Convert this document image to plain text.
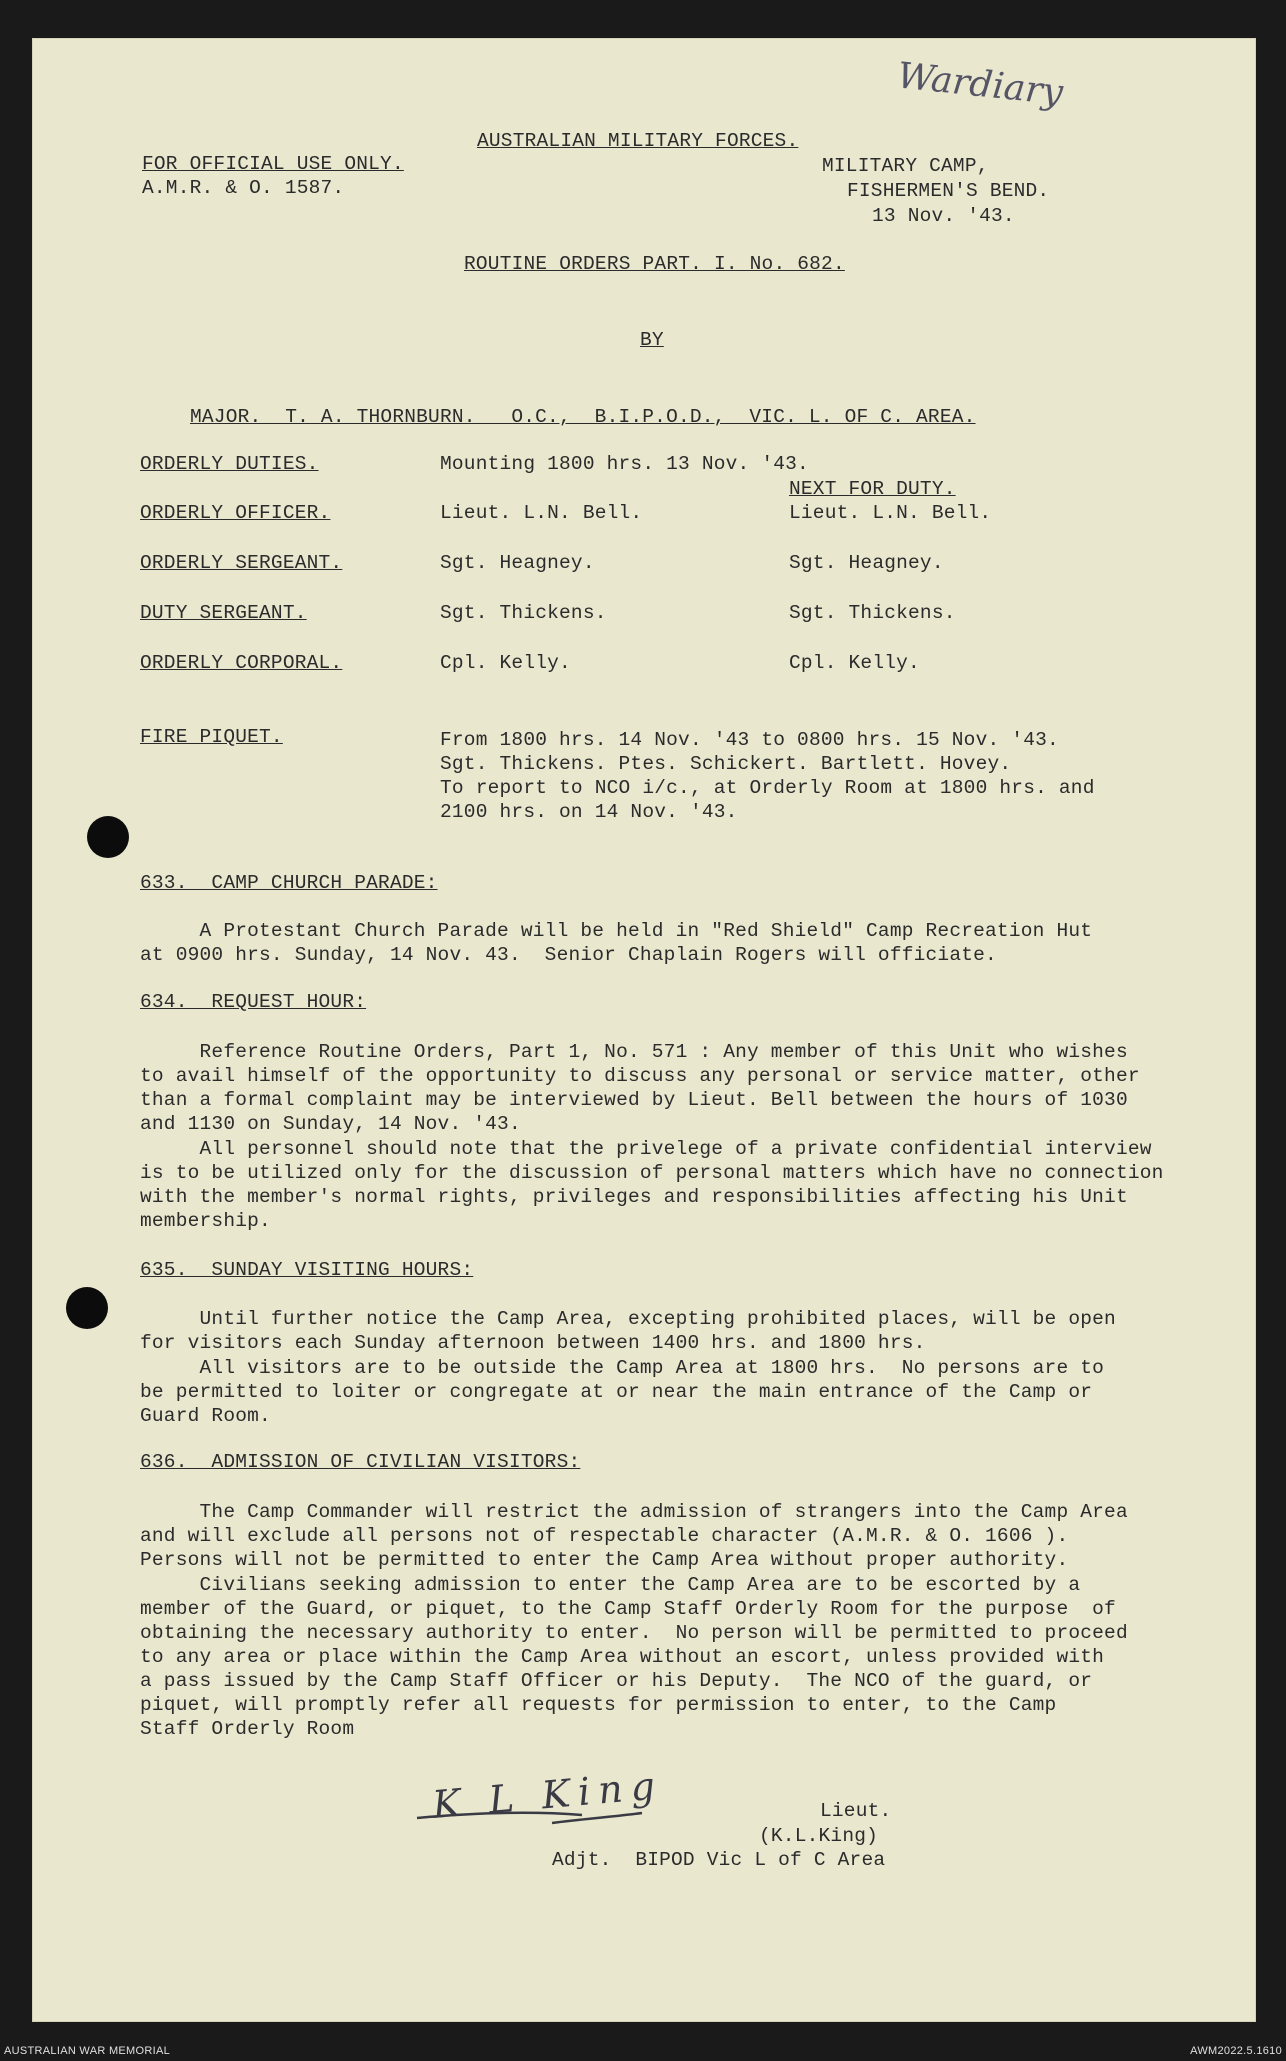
Wardiary
FOR OFFICIAL USE ONLY.
A.M.R. & O. 1587.
AUSTRALIAN MILITARY FORCES.
MILITARY CAMP,
FISHERMEN'S BEND.
13 Nov. '43.
ROUTINE ORDERS PART. I. No. 682.
BY
MAJOR.  T. A. THORNBURN.   O.C.,  B.I.P.O.D.,  VIC. L. OF C. AREA.
ORDERLY DUTIES.	Mounting 1800 hrs. 13 Nov. '43.
NEXT FOR DUTY.
ORDERLY OFFICER.	Lieut. L.N. Bell.	Lieut. L.N. Bell.
ORDERLY SERGEANT.	Sgt. Heagney.	Sgt. Heagney.
DUTY SERGEANT.	Sgt. Thickens.	Sgt. Thickens.
ORDERLY CORPORAL.	Cpl. Kelly.	Cpl. Kelly.
FIRE PIQUET.	From 1800 hrs. 14 Nov. '43 to 0800 hrs. 15 Nov. '43.
Sgt. Thickens. Ptes. Schickert. Bartlett. Hovey.
To report to NCO i/c., at Orderly Room at 1800 hrs. and
2100 hrs. on 14 Nov. '43.
633.  CAMP CHURCH PARADE:
A Protestant Church Parade will be held in "Red Shield" Camp Recreation Hut
at 0900 hrs. Sunday, 14 Nov. 43.  Senior Chaplain Rogers will officiate.
634.  REQUEST HOUR:
Reference Routine Orders, Part 1, No. 571 : Any member of this Unit who wishes
to avail himself of the opportunity to discuss any personal or service matter, other
than a formal complaint may be interviewed by Lieut. Bell between the hours of 1030
and 1130 on Sunday, 14 Nov. '43.
All personnel should note that the privelege of a private confidential interview
is to be utilized only for the discussion of personal matters which have no connection
with the member's normal rights, privileges and responsibilities affecting his Unit
membership.
635.  SUNDAY VISITING HOURS:
Until further notice the Camp Area, excepting prohibited places, will be open
for visitors each Sunday afternoon between 1400 hrs. and 1800 hrs.
All visitors are to be outside the Camp Area at 1800 hrs.  No persons are to
be permitted to loiter or congregate at or near the main entrance of the Camp or
Guard Room.
636.  ADMISSION OF CIVILIAN VISITORS:
The Camp Commander will restrict the admission of strangers into the Camp Area
and will exclude all persons not of respectable character (A.M.R. & O. 1606 ).
Persons will not be permitted to enter the Camp Area without proper authority.
Civilians seeking admission to enter the Camp Area are to be escorted by a
member of the Guard, or piquet, to the Camp Staff Orderly Room for the purpose  of
obtaining the necessary authority to enter.  No person will be permitted to proceed
to any area or place within the Camp Area without an escort, unless provided with
a pass issued by the Camp Staff Officer or his Deputy.  The NCO of the guard, or
piquet, will promptly refer all requests for permission to enter, to the Camp
Staff Orderly Room
K L King	Lieut.
(K.L.King)
Adjt.  BIPOD Vic L of C Area
AUSTRALIAN WAR MEMORIAL	AWM2022.5.1610
